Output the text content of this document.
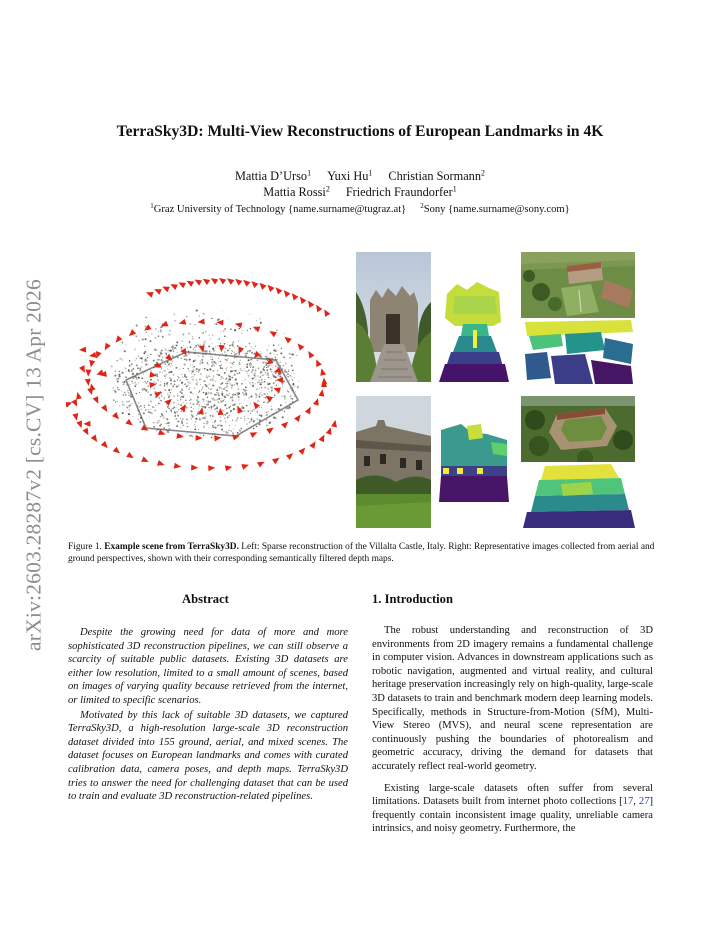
arXiv:2603.28287v2 [cs.CV] 13 Apr 2026
TerraSky3D: Multi-View Reconstructions of European Landmarks in 4K
Mattia D’Urso$^1$ Yuxi Hu$^1$ Christian Sormann$^2$
Mattia Rossi$^2$ Friedrich Fraundorfer$^1$
$^1$Graz University of Technology {name.surname@tugraz.at} $^2$Sony {name.surname@sony.com}
Figure 1. Example scene from TerraSky3D. Left: Sparse reconstruction of the Villalta Castle, Italy. Right: Representative images collected from aerial and ground perspectives, shown with their corresponding semantically filtered depth maps.
Abstract

Despite the growing need for data of more and more sophisticated 3D reconstruction pipelines, we can still observe a scarcity of suitable public datasets. Existing 3D datasets are either low resolution, limited to a small amount of scenes, based on images of varying quality because retrieved from the internet, or limited to specific scenarios.

Motivated by this lack of suitable 3D datasets, we captured TerraSky3D, a high-resolution large-scale 3D reconstruction dataset divided into 155 ground, aerial, and mixed scenes. The dataset focuses on European landmarks and comes with curated calibration data, camera poses, and depth maps. TerraSky3D tries to answer the need for challenging dataset that can be used to train and evaluate 3D reconstruction-related pipelines.

1. Introduction

The robust understanding and reconstruction of 3D environments from 2D imagery remains a fundamental challenge in computer vision. Advances in downstream applications such as robotic navigation, augmented and virtual reality, and cultural heritage preservation increasingly rely on high-quality, large-scale 3D datasets to train and benchmark modern deep learning models. Specifically, methods in Structure-from-Motion (SfM), Multi-View Stereo (MVS), and neural scene representation are continuously pushing the boundaries of photorealism and geometric accuracy, driving the demand for datasets that accurately reflect real-world geometry.

Existing large-scale datasets often suffer from several limitations. Datasets built from internet photo collections [17, 27] frequently contain inconsistent image quality, unreliable camera intrinsics, and noisy geometry. Furthermore, the
